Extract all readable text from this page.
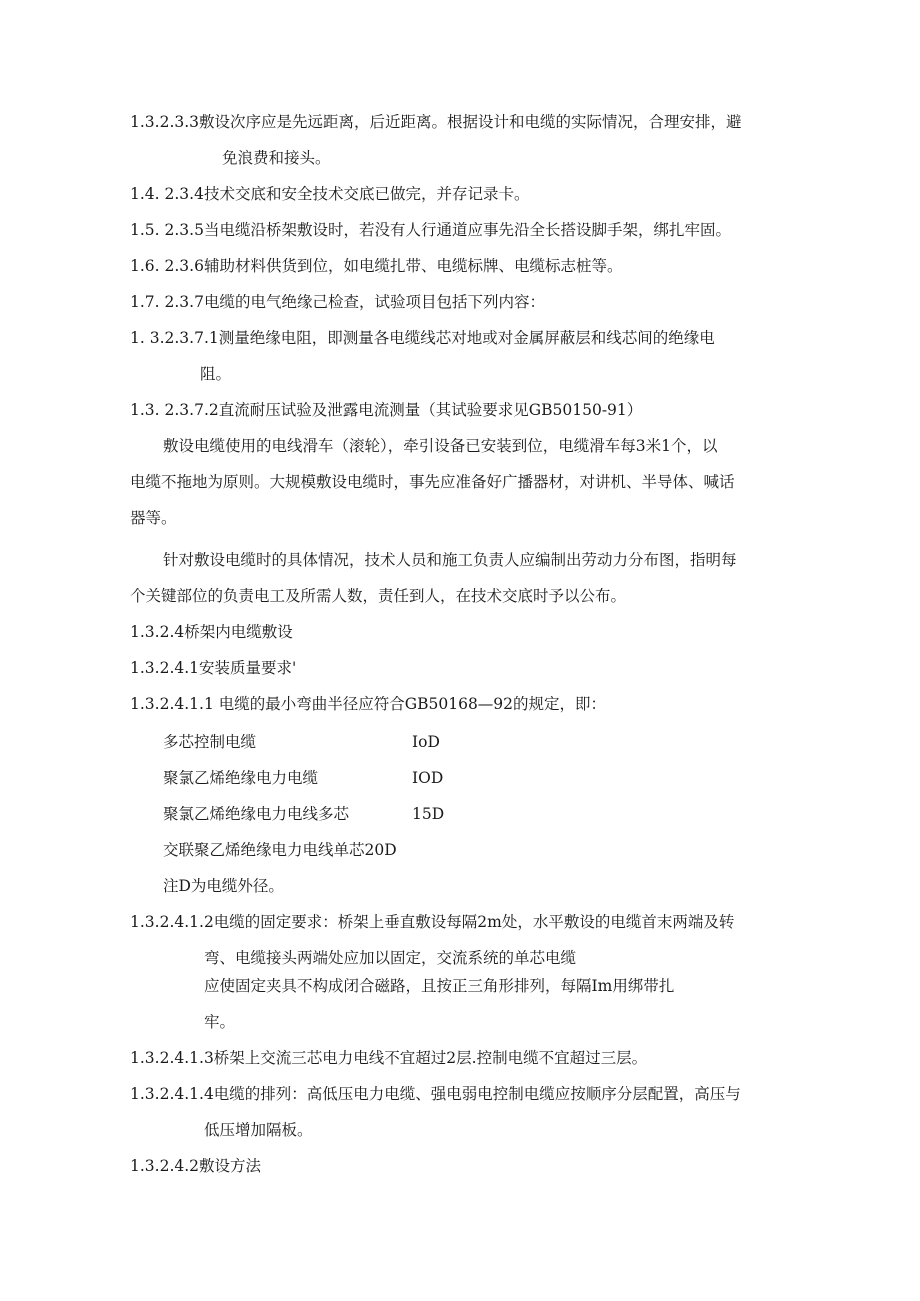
1.3.2.3.3敷设次序应是先远距离，后近距离。根据设计和电缆的实际情况，合理安排，避
免浪费和接头。
1.4. 2.3.4技术交底和安全技术交底已做完，并存记录卡。
1.5. 2.3.5当电缆沿桥架敷设时，若没有人行通道应事先沿全长搭设脚手架，绑扎牢固。
1.6. 2.3.6辅助材料供货到位，如电缆扎带、电缆标牌、电缆标志桩等。
1.7. 2.3.7电缆的电气绝缘己检查，试验项目包括下列内容：
1. 3.2.3.7.1测量绝缘电阻，即测量各电缆线芯对地或对金属屏蔽层和线芯间的绝缘电
阻。
1.3. 2.3.7.2直流耐压试验及泄露电流测量（其试验要求见GB50150-91）
敷设电缆使用的电线滑车（滚轮），牵引设备已安装到位，电缆滑车每3米1个，以
电缆不拖地为原则。大规模敷设电缆时，事先应准备好广播器材，对讲机、半导体、喊话
器等。
针对敷设电缆时的具体情况，技术人员和施工负责人应编制出劳动力分布图，指明每
个关键部位的负责电工及所需人数，责任到人，在技术交底时予以公布。
1.3.2.4桥架内电缆敷设
1.3.2.4.1安装质量要求'
1.3.2.4.1.1 电缆的最小弯曲半径应符合GB50168—92的规定，即：
多芯控制电缆	IoD
聚氯乙烯绝缘电力电缆	IOD
聚氯乙烯绝缘电力电线多芯	15D
交联聚乙烯绝缘电力电线单芯20D
注D为电缆外径。
1.3.2.4.1.2电缆的固定要求：桥架上垂直敷设每隔2m处，水平敷设的电缆首末两端及转
弯、电缆接头两端处应加以固定，交流系统的单芯电缆
应使固定夹具不构成闭合磁路，且按正三角形排列，每隔Im用绑带扎
牢。
1.3.2.4.1.3桥架上交流三芯电力电线不宜超过2层.控制电缆不宜超过三层。
1.3.2.4.1.4电缆的排列：高低压电力电缆、强电弱电控制电缆应按顺序分层配置，高压与
低压增加隔板。
1.3.2.4.2敷设方法
